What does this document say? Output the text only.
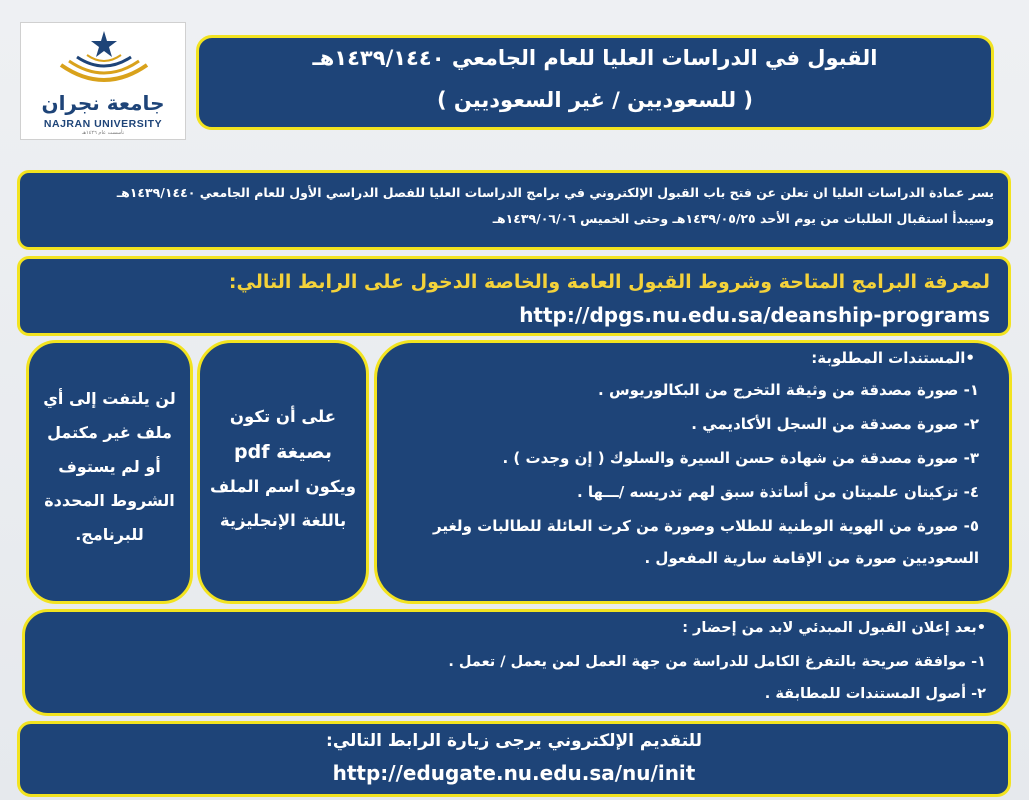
جامعة نجران
NAJRAN UNIVERSITY
تأسست عام ١٤٢٦هـ
القبول في الدراسات العليا للعام الجامعي ١٤٣٩/١٤٤٠هـ
( للسعوديين / غير السعوديين )
يسر عمادة الدراسات العليا ان تعلن عن فتح باب القبول الإلكتروني في برامج الدراسات العليا للفصل الدراسي الأول للعام الجامعي ١٤٣٩/١٤٤٠هـ
وسيبدأ استقبال الطلبات من يوم الأحد ١٤٣٩/٠٥/٢٥هـ وحتى الخميس ١٤٣٩/٠٦/٠٦هـ
لمعرفة البرامج المتاحة وشروط القبول العامة والخاصة الدخول على الرابط التالي:
http://dpgs.nu.edu.sa/deanship-programs
•المستندات المطلوبة:
١- صورة مصدقة من وثيقة التخرج من البكالوريوس .
٢- صورة مصدقة من السجل الأكاديمي .
٣- صورة مصدقة من شهادة حسن السيرة والسلوك ( إن وجدت ) .
٤- تزكيتان علميتان من أساتذة سبق لهم تدريسه /ـــها .
٥- صورة من الهوية الوطنية للطلاب وصورة من كرت العائلة للطالبات ولغير
السعوديين صورة من الإقامة سارية المفعول .
على أن تكون
بصيغة pdf
ويكون اسم الملف
باللغة الإنجليزية
لن يلتفت إلى أي
ملف غير مكتمل
أو لم يستوف
الشروط المحددة
للبرنامج.
•بعد إعلان القبول المبدئي لابد من إحضار :
١- موافقة صريحة بالتفرغ الكامل للدراسة من جهة العمل لمن يعمل / تعمل .
٢- أصول المستندات للمطابقة .
للتقديم الإلكتروني يرجى زيارة الرابط التالي:
http://edugate.nu.edu.sa/nu/init
